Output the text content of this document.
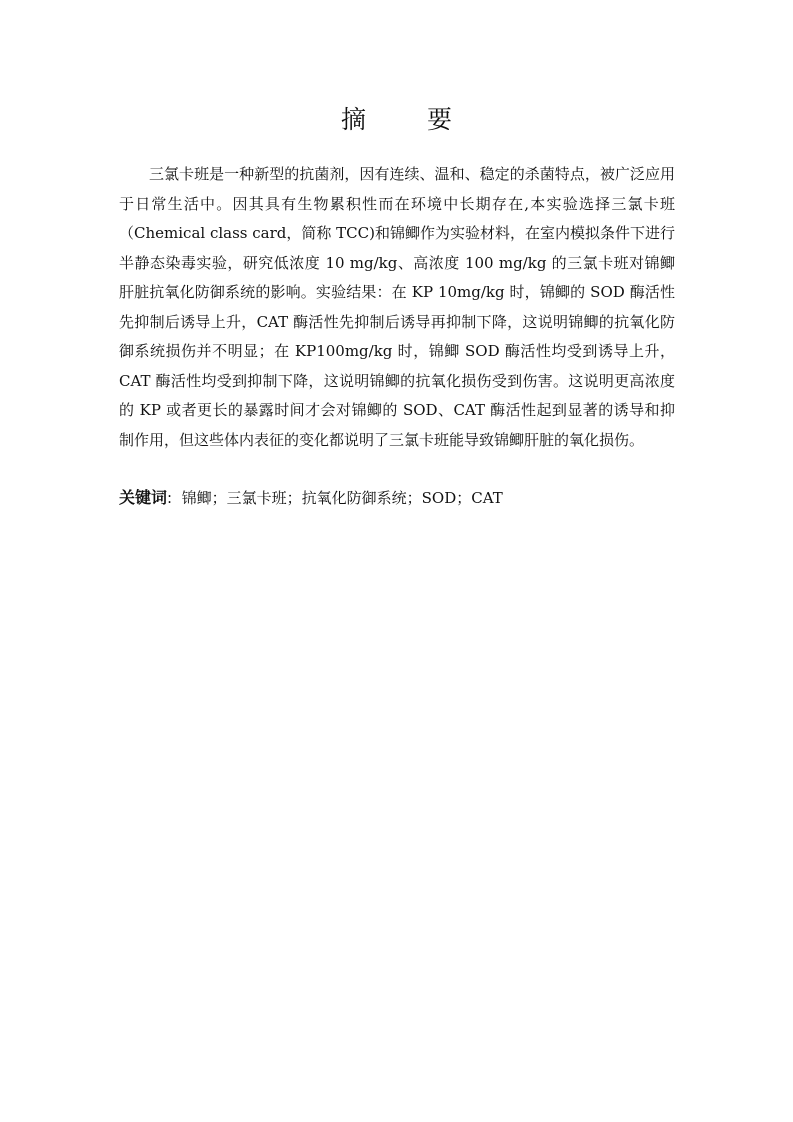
摘　要

三氯卡班是一种新型的抗菌剂，因有连续、温和、稳定的杀菌特点，被广泛应用于日常生活中。因其具有生物累积性而在环境中长期存在,本实验选择三氯卡班（Chemical class card，简称 TCC)和锦鲫作为实验材料，在室内模拟条件下进行半静态染毒实验，研究低浓度 10 mg/kg、高浓度 100 mg/kg 的三氯卡班对锦鲫肝脏抗氧化防御系统的影响。实验结果：在 KP 10mg/kg 时，锦鲫的 SOD 酶活性先抑制后诱导上升，CAT 酶活性先抑制后诱导再抑制下降，这说明锦鲫的抗氧化防御系统损伤并不明显；在 KP100mg/kg 时，锦鲫 SOD 酶活性均受到诱导上升，CAT 酶活性均受到抑制下降，这说明锦鲫的抗氧化损伤受到伤害。这说明更高浓度的 KP 或者更长的暴露时间才会对锦鲫的 SOD、CAT 酶活性起到显著的诱导和抑制作用，但这些体内表征的变化都说明了三氯卡班能导致锦鲫肝脏的氧化损伤。

关键词: 锦鲫；三氯卡班；抗氧化防御系统；SOD；CAT
